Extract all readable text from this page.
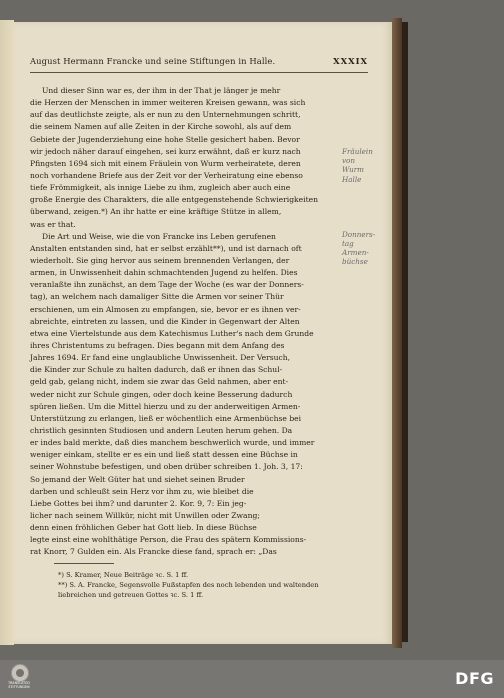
August Hermann Francke und seine Stiftungen in Halle.	XXXIX
Und dieser Sinn war es, der ihm in der That je länger je mehr
die Herzen der Menschen in immer weiteren Kreisen gewann, was sich
auf das deutlichste zeigte, als er nun zu den Unternehmungen schritt,
die seinem Namen auf alle Zeiten in der Kirche sowohl, als auf dem
Gebiete der Jugenderziehung eine hohe Stelle gesichert haben. Bevor
wir jedoch näher darauf eingehen, sei kurz erwähnt, daß er kurz nach
Pfingsten 1694 sich mit einem Fräulein von Wurm verheiratete, deren
noch vorhandene Briefe aus der Zeit vor der Verheiratung eine ebenso
tiefe Frömmigkeit, als innige Liebe zu ihm, zugleich aber auch eine
große Energie des Charakters, die alle entgegenstehende Schwierigkeiten
überwand, zeigen.*) An ihr hatte er eine kräftige Stütze in allem,
was er that.
Die Art und Weise, wie die von Francke ins Leben gerufenen
Anstalten entstanden sind, hat er selbst erzählt**), und ist darnach oft
wiederholt. Sie ging hervor aus seinem brennenden Verlangen, der
armen, in Unwissenheit dahin schmachtenden Jugend zu helfen. Dies
veranlaßte ihn zunächst, an dem Tage der Woche (es war der Donners-
tag), an welchem nach damaliger Sitte die Armen vor seiner Thür
erschienen, um ein Almosen zu empfangen, sie, bevor er es ihnen ver-
abreichte, eintreten zu lassen, und die Kinder in Gegenwart der Alten
etwa eine Viertelstunde aus dem Katechismus Luther's nach dem Grunde
ihres Christentums zu befragen. Dies begann mit dem Anfang des
Jahres 1694. Er fand eine unglaubliche Unwissenheit. Der Versuch,
die Kinder zur Schule zu halten dadurch, daß er ihnen das Schul-
geld gab, gelang nicht, indem sie zwar das Geld nahmen, aber ent-
weder nicht zur Schule gingen, oder doch keine Besserung dadurch
spüren ließen. Um die Mittel hierzu und zu der anderweitigen Armen-
Unterstützung zu erlangen, ließ er wöchentlich eine Armenbüchse bei
christlich gesinnten Studiosen und andern Leuten herum gehen. Da
er indes bald merkte, daß dies manchem beschwerlich wurde, und immer
weniger einkam, stellte er es ein und ließ statt dessen eine Büchse in
seiner Wohnstube befestigen, und oben drüber schreiben 1. Joh. 3, 17:
So jemand der Welt Güter hat und siehet seinen Bruder
darben und schleußt sein Herz vor ihm zu, wie bleibet die
Liebe Gottes bei ihm? und darunter 2. Kor. 9, 7: Ein jeg-
licher nach seinem Willkür, nicht mit Unwillen oder Zwang;
denn einen fröhlichen Geber hat Gott lieb. In diese Büchse
legte einst eine wohlthätige Person, die Frau des spätern Kommissions-
rat Knorr, 7 Gulden ein. Als Francke diese fand, sprach er: „Das
*) S. Kramer, Neue Beiträge ꝛc. S. 1 ff.
**) S. A. Francke, Segensvolle Fußstapfen des noch lebenden und waltenden
liebreichen und getreuen Gottes ꝛc. S. 1 ff.
Fräulein
von
Wurm
Halle
Donners-
tag
Armen-
büchse
TRANSLATED STIFTUNGEN	DFG
